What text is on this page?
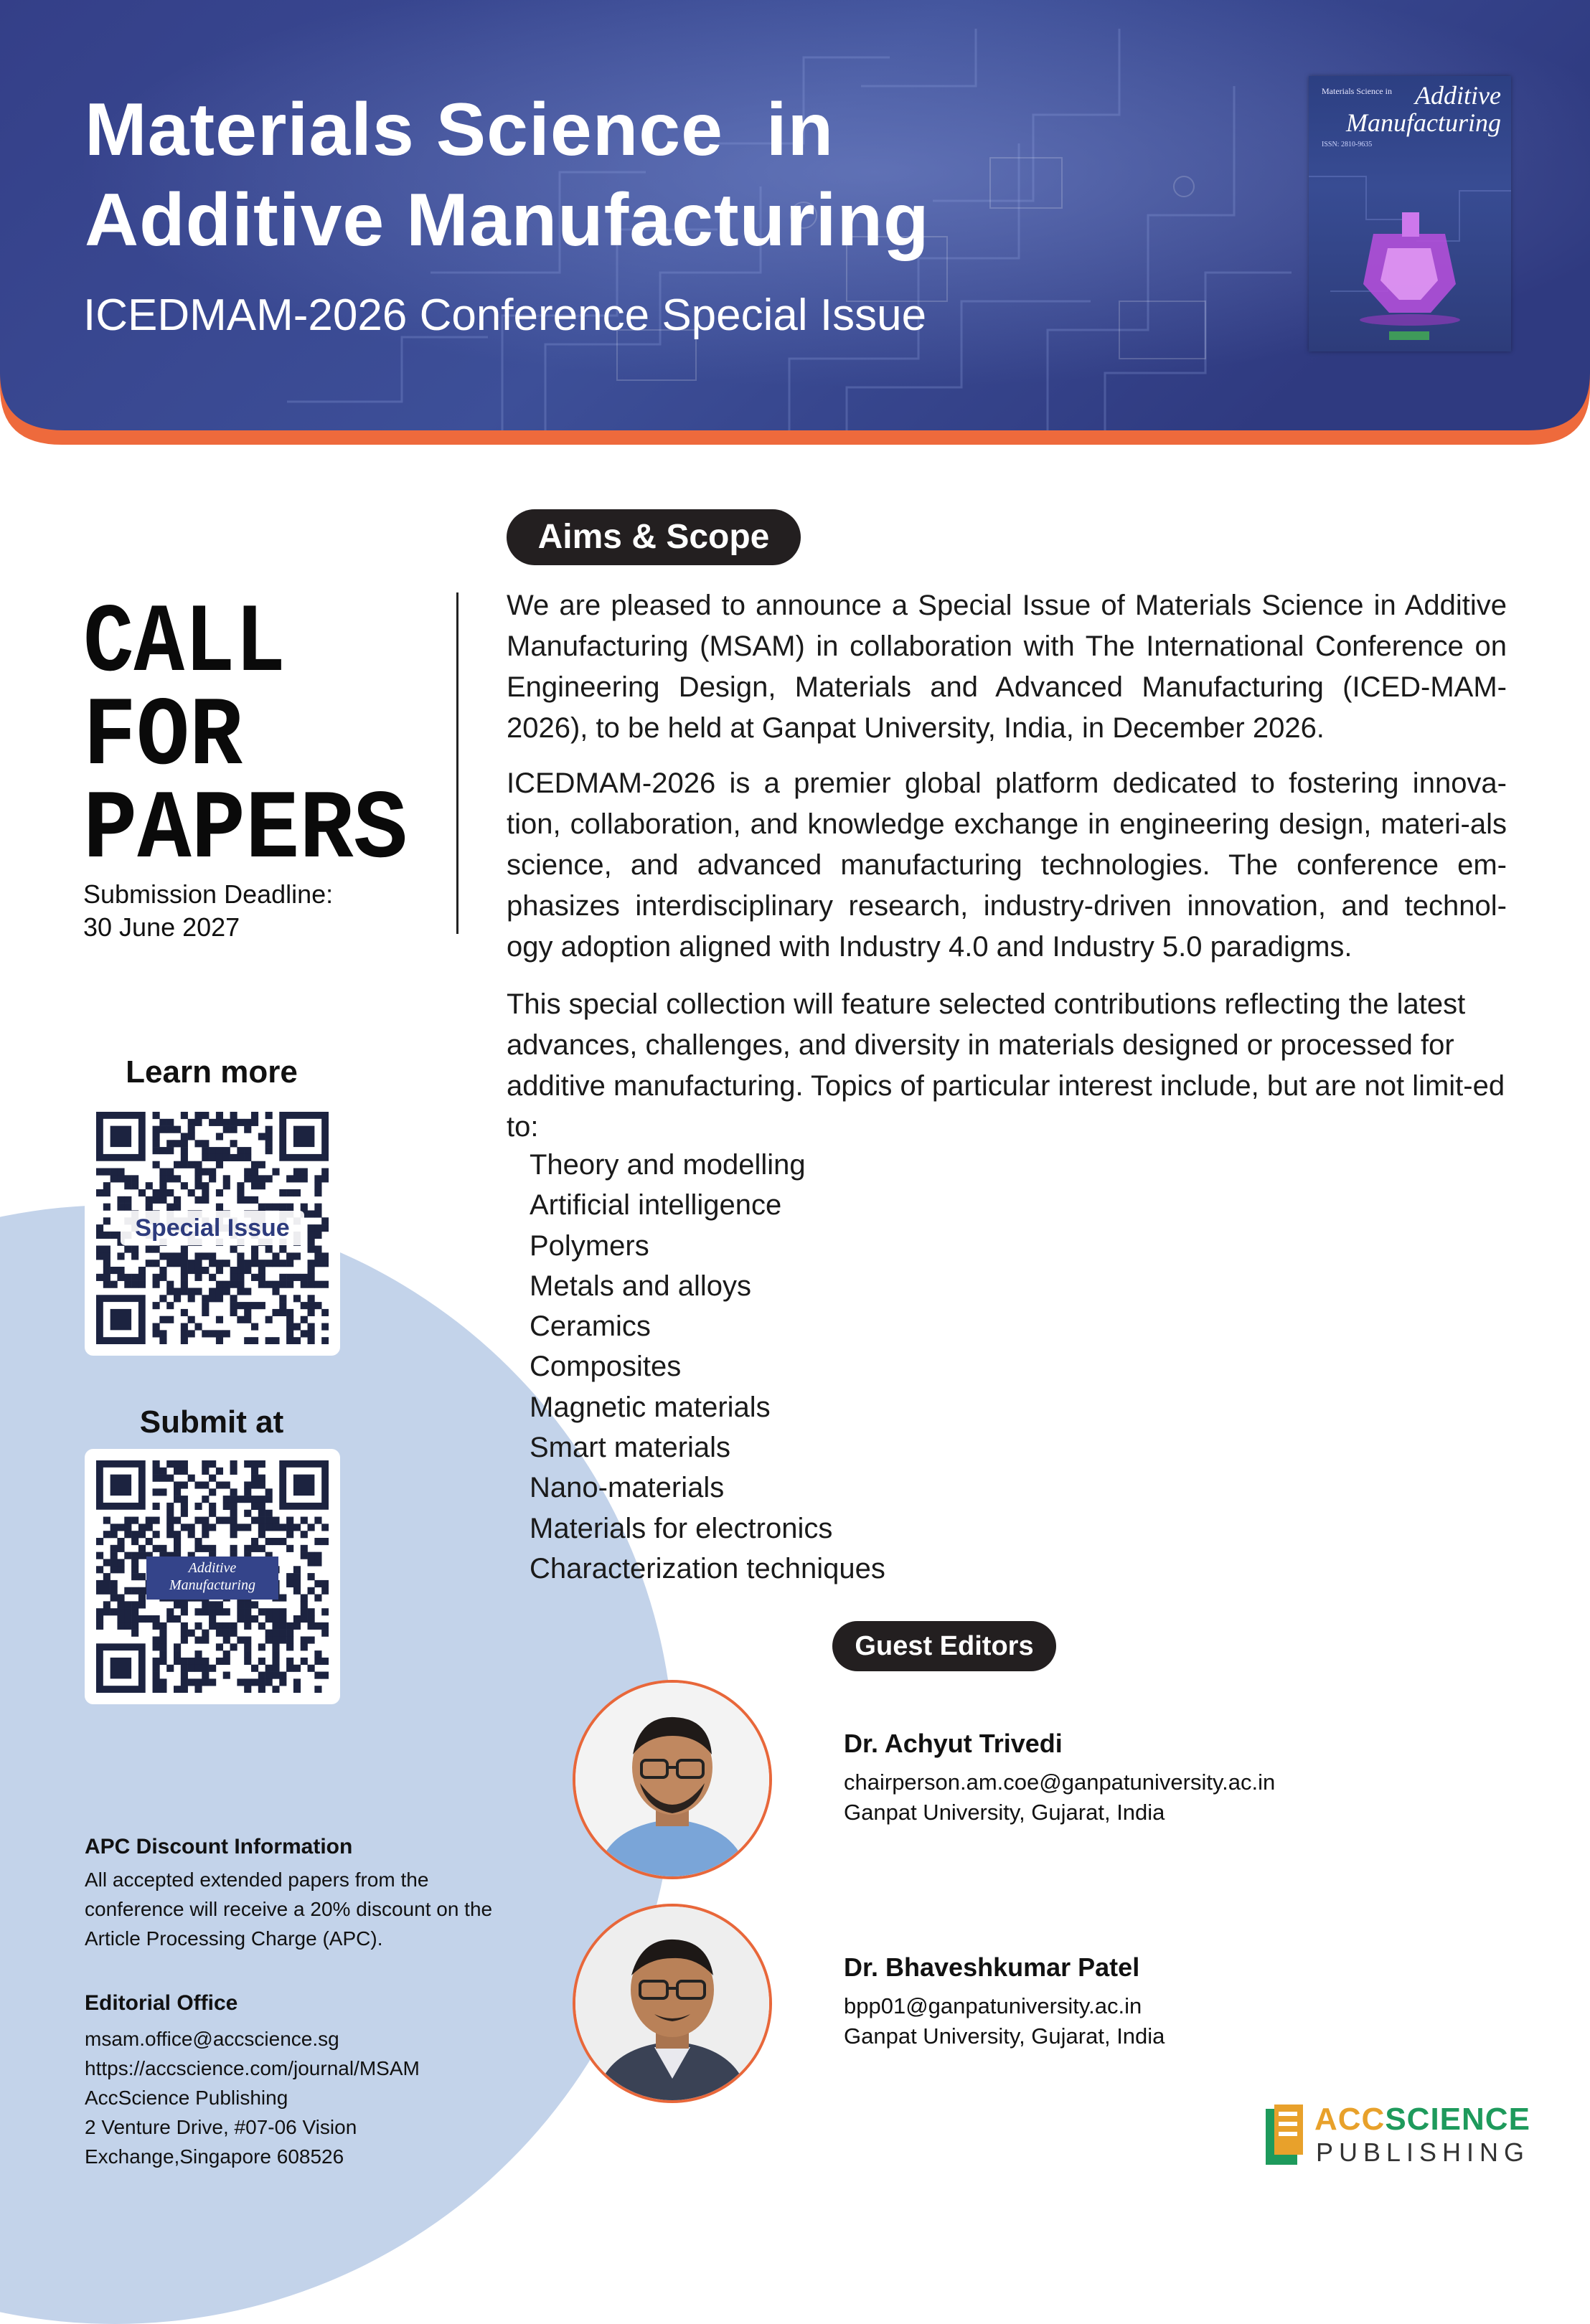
Materials Science  in
Additive Manufacturing
ICEDMAM-2026 Conference Special Issue
Materials Science in Additive
Manufacturing
ISSN: 2810-9635
CALL
FOR
PAPERS
Submission Deadline:
30 June 2027
Learn more
Special Issue
Submit at
Additive
Manufacturing
APC Discount Information
All accepted extended papers from the conference will receive a 20% discount on the Article Processing Charge (APC).
Editorial Office
msam.office@accscience.sg
https://accscience.com/journal/MSAM
AccScience Publishing
2 Venture Drive, #07-06 Vision
Exchange,Singapore 608526
Aims & Scope

We are pleased to announce a Special Issue of Materials Science in Additive Manufacturing (MSAM) in collaboration with The International Conference on Engineering Design, Materials and Advanced Manufacturing (ICED-MAM-2026), to be held at Ganpat University, India, in December 2026.

ICEDMAM-2026 is a premier global platform dedicated to fostering innova-tion, collaboration, and knowledge exchange in engineering design, materi-als science, and advanced manufacturing technologies. The conference em-phasizes interdisciplinary research, industry-driven innovation, and technol-ogy adoption aligned with Industry 4.0 and Industry 5.0 paradigms.

This special collection will feature selected contributions reflecting the latest advances, challenges, and diversity in materials designed or processed for additive manufacturing. Topics of particular interest include, but are not limit-ed to:

Theory and modelling
Artificial intelligence
Polymers
Metals and alloys
Ceramics
Composites
Magnetic materials
Smart materials
Nano-materials
Materials for electronics
Characterization techniques
Guest Editors
Dr. Achyut Trivedi
chairperson.am.coe@ganpatuniversity.ac.in
Ganpat University, Gujarat, India
Dr. Bhaveshkumar Patel
bpp01@ganpatuniversity.ac.in
Ganpat University, Gujarat, India
ACCSCIENCE
PUBLISHING
